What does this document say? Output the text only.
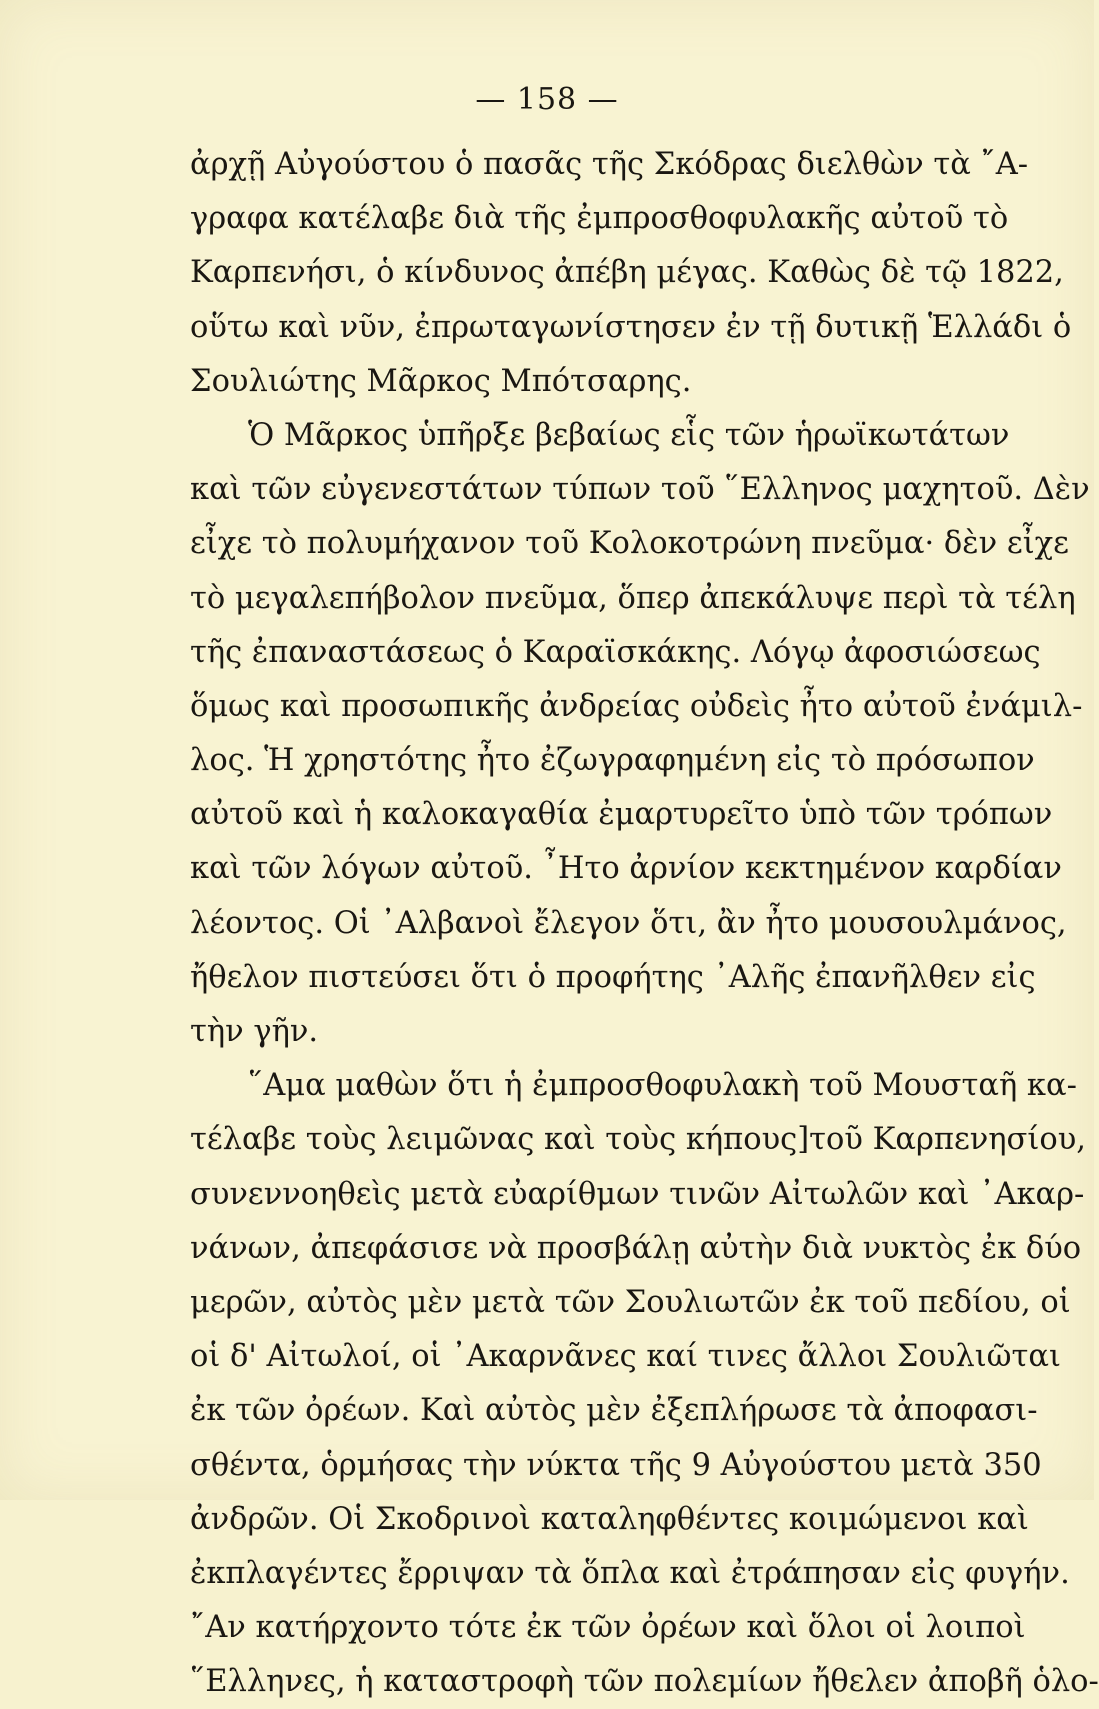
— 158 —
ἀρχῇ Αὐγούστου ὁ πασᾶς τῆς Σκόδρας διελθὼν τὰ ῎Α-
γραφα κατέλαβε διὰ τῆς ἐμπροσθοφυλακῆς αὐτοῦ τὸ
Καρπενήσι, ὁ κίνδυνος ἀπέβη μέγας. Καθὼς δὲ τῷ 1822,
οὕτω καὶ νῦν, ἐπρωταγωνίστησεν ἐν τῇ δυτικῇ Ἑλλάδι ὁ
Σουλιώτης Μᾶρκος Μπότσαρης.
Ὁ Μᾶρκος ὑπῆρξε βεβαίως εἷς τῶν ἡρωϊκωτάτων
καὶ τῶν εὐγενεστάτων τύπων τοῦ ῞Ελληνος μαχητοῦ. Δὲν
εἶχε τὸ πολυμήχανον τοῦ Κολοκοτρώνη πνεῦμα· δὲν εἶχε
τὸ μεγαλεπήβολον πνεῦμα, ὅπερ ἀπεκάλυψε περὶ τὰ τέλη
τῆς ἐπαναστάσεως ὁ Καραϊσκάκης. Λόγῳ ἀφοσιώσεως
ὅμως καὶ προσωπικῆς ἀνδρείας οὐδεὶς ἦτο αὐτοῦ ἐνάμιλ-
λος. Ἡ χρηστότης ἦτο ἐζωγραφημένη εἰς τὸ πρόσωπον
αὐτοῦ καὶ ἡ καλοκαγαθία ἐμαρτυρεῖτο ὑπὸ τῶν τρόπων
καὶ τῶν λόγων αὐτοῦ. ῏Ητο ἀρνίον κεκτημένον καρδίαν
λέοντος. Οἱ ᾿Αλβανοὶ ἔλεγον ὅτι, ἂν ἦτο μουσουλμάνος,
ἤθελον πιστεύσει ὅτι ὁ προφήτης ᾿Αλῆς ἐπανῆλθεν εἰς
τὴν γῆν.
῞Αμα μαθὼν ὅτι ἡ ἐμπροσθοφυλακὴ τοῦ Μουσταῆ κα-
τέλαβε τοὺς λειμῶνας καὶ τοὺς κήπους]τοῦ Καρπενησίου,
συνεννοηθεὶς μετὰ εὐαρίθμων τινῶν Αἰτωλῶν καὶ ᾿Ακαρ-
νάνων, ἀπεφάσισε νὰ προσβάλῃ αὐτὴν διὰ νυκτὸς ἐκ δύο
μερῶν, αὐτὸς μὲν μετὰ τῶν Σουλιωτῶν ἐκ τοῦ πεδίου, οἱ
οἱ δ' Αἰτωλοί, οἱ ᾿Ακαρνᾶνες καί τινες ἄλλοι Σουλιῶται
ἐκ τῶν ὀρέων. Καὶ αὐτὸς μὲν ἐξεπλήρωσε τὰ ἀποφασι-
σθέντα, ὁρμήσας τὴν νύκτα τῆς 9 Αὐγούστου μετὰ 350
ἀνδρῶν. Οἱ Σκοδρινοὶ καταληφθέντες κοιμώμενοι καὶ
ἐκπλαγέντες ἔρριψαν τὰ ὅπλα καὶ ἐτράπησαν εἰς φυγήν.
῎Αν κατήρχοντο τότε ἐκ τῶν ὀρέων καὶ ὅλοι οἱ λοιποὶ
῞Ελληνες, ἡ καταστροφὴ τῶν πολεμίων ἤθελεν ἀποβῆ ὁλο-
